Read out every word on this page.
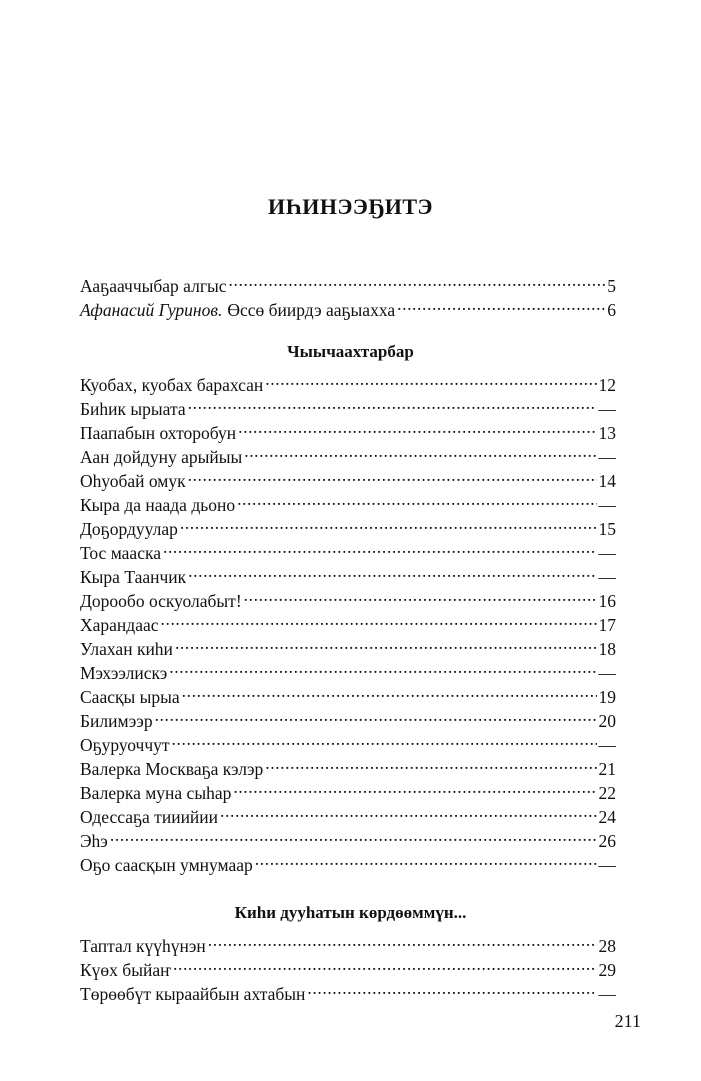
ИҺИНЭЭҔИТЭ
Ааҕааччыбар алгыс .....	5
Афанасий Гуринов. Өссө биирдэ ааҕыахха .....	6
Чыычаахтарбар
Куобах, куобах барахсан .....	12
Биһик ырыата .....	—
Паапабын охторобун .....	13
Аан дойдуну арыйыы .....	—
Оһуобай омук .....	14
Кыра да наада дьоно .....	—
Доҕордуулар .....	15
Тос мааска .....	—
Кыра Таанчик .....	—
Дорообо оскуолабыт! .....	16
Харандаас .....	17
Улахан киһи .....	18
Мэхээлискэ .....	—
Саасқы ырыа .....	19
Билимээр .....	20
Оҕуруоччут .....	—
Валерка Москваҕа кэлэр .....	21
Валерка муна сыһар .....	22
Одессаҕа тииийии .....	24
Эһэ .....	26
Оҕо саасқын умнумаар .....	—
Киһи дууһатын көрдөөммүн...
Таптал күүһүнэн .....	28
Күөх быйаҥ .....	29
Төрөөбүт кыраайбын ахтабын .....	—
211
